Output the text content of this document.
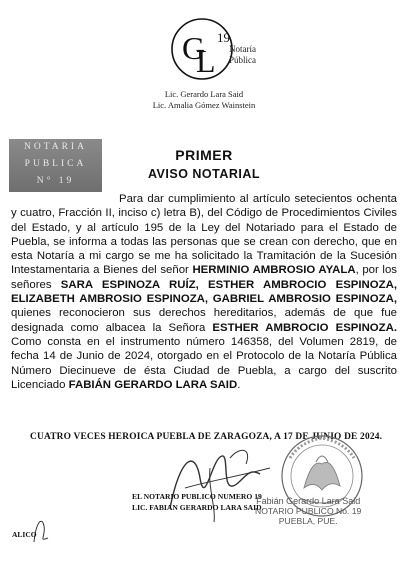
G
L
19
Notaría
Pública
Lic. Gerardo Lara Said
Lic. Amalia Gómez Wainstein
NOTARIA
PUBLICA
N° 19
PRIMER
AVISO NOTARIAL
Para dar cumplimiento al artículo setecientos ochenta y cuatro, Fracción II, inciso c) letra B), del Código de Procedimientos Civiles del Estado, y al artículo 195 de la Ley del Notariado para el Estado de Puebla, se informa a todas las personas que se crean con derecho, que en esta Notaría a mi cargo se me ha solicitado la Tramitación de la Sucesión Intestamentaria a Bienes del señor HERMINIO AMBROSIO AYALA, por los señores SARA ESPINOZA RUÍZ, ESTHER AMBROCIO ESPINOZA, ELIZABETH AMBROSIO ESPINOZA, GABRIEL AMBROSIO ESPINOZA, quienes reconocieron sus derechos hereditarios, además de que fue designada como albacea la Señora ESTHER AMBROCIO ESPINOZA. Como consta en el instrumento número 146358, del Volumen 2819, de fecha 14 de Junio de 2024, otorgado en el Protocolo de la Notaría Pública Número Diecinueve de ésta Ciudad de Puebla, a cargo del suscrito Licenciado FABIÁN GERARDO LARA SAID.
CUATRO VECES HEROICA PUEBLA DE ZARAGOZA, A 17 DE JUNIO DE 2024.
EL NOTARIO PUBLICO NUMERO 19
LIC. FABIAN GERARDO LARA SAID.
Fabián Gerardo Lara Said
NOTARIO PUBLICO No. 19
PUEBLA, PUE.
ALICO
